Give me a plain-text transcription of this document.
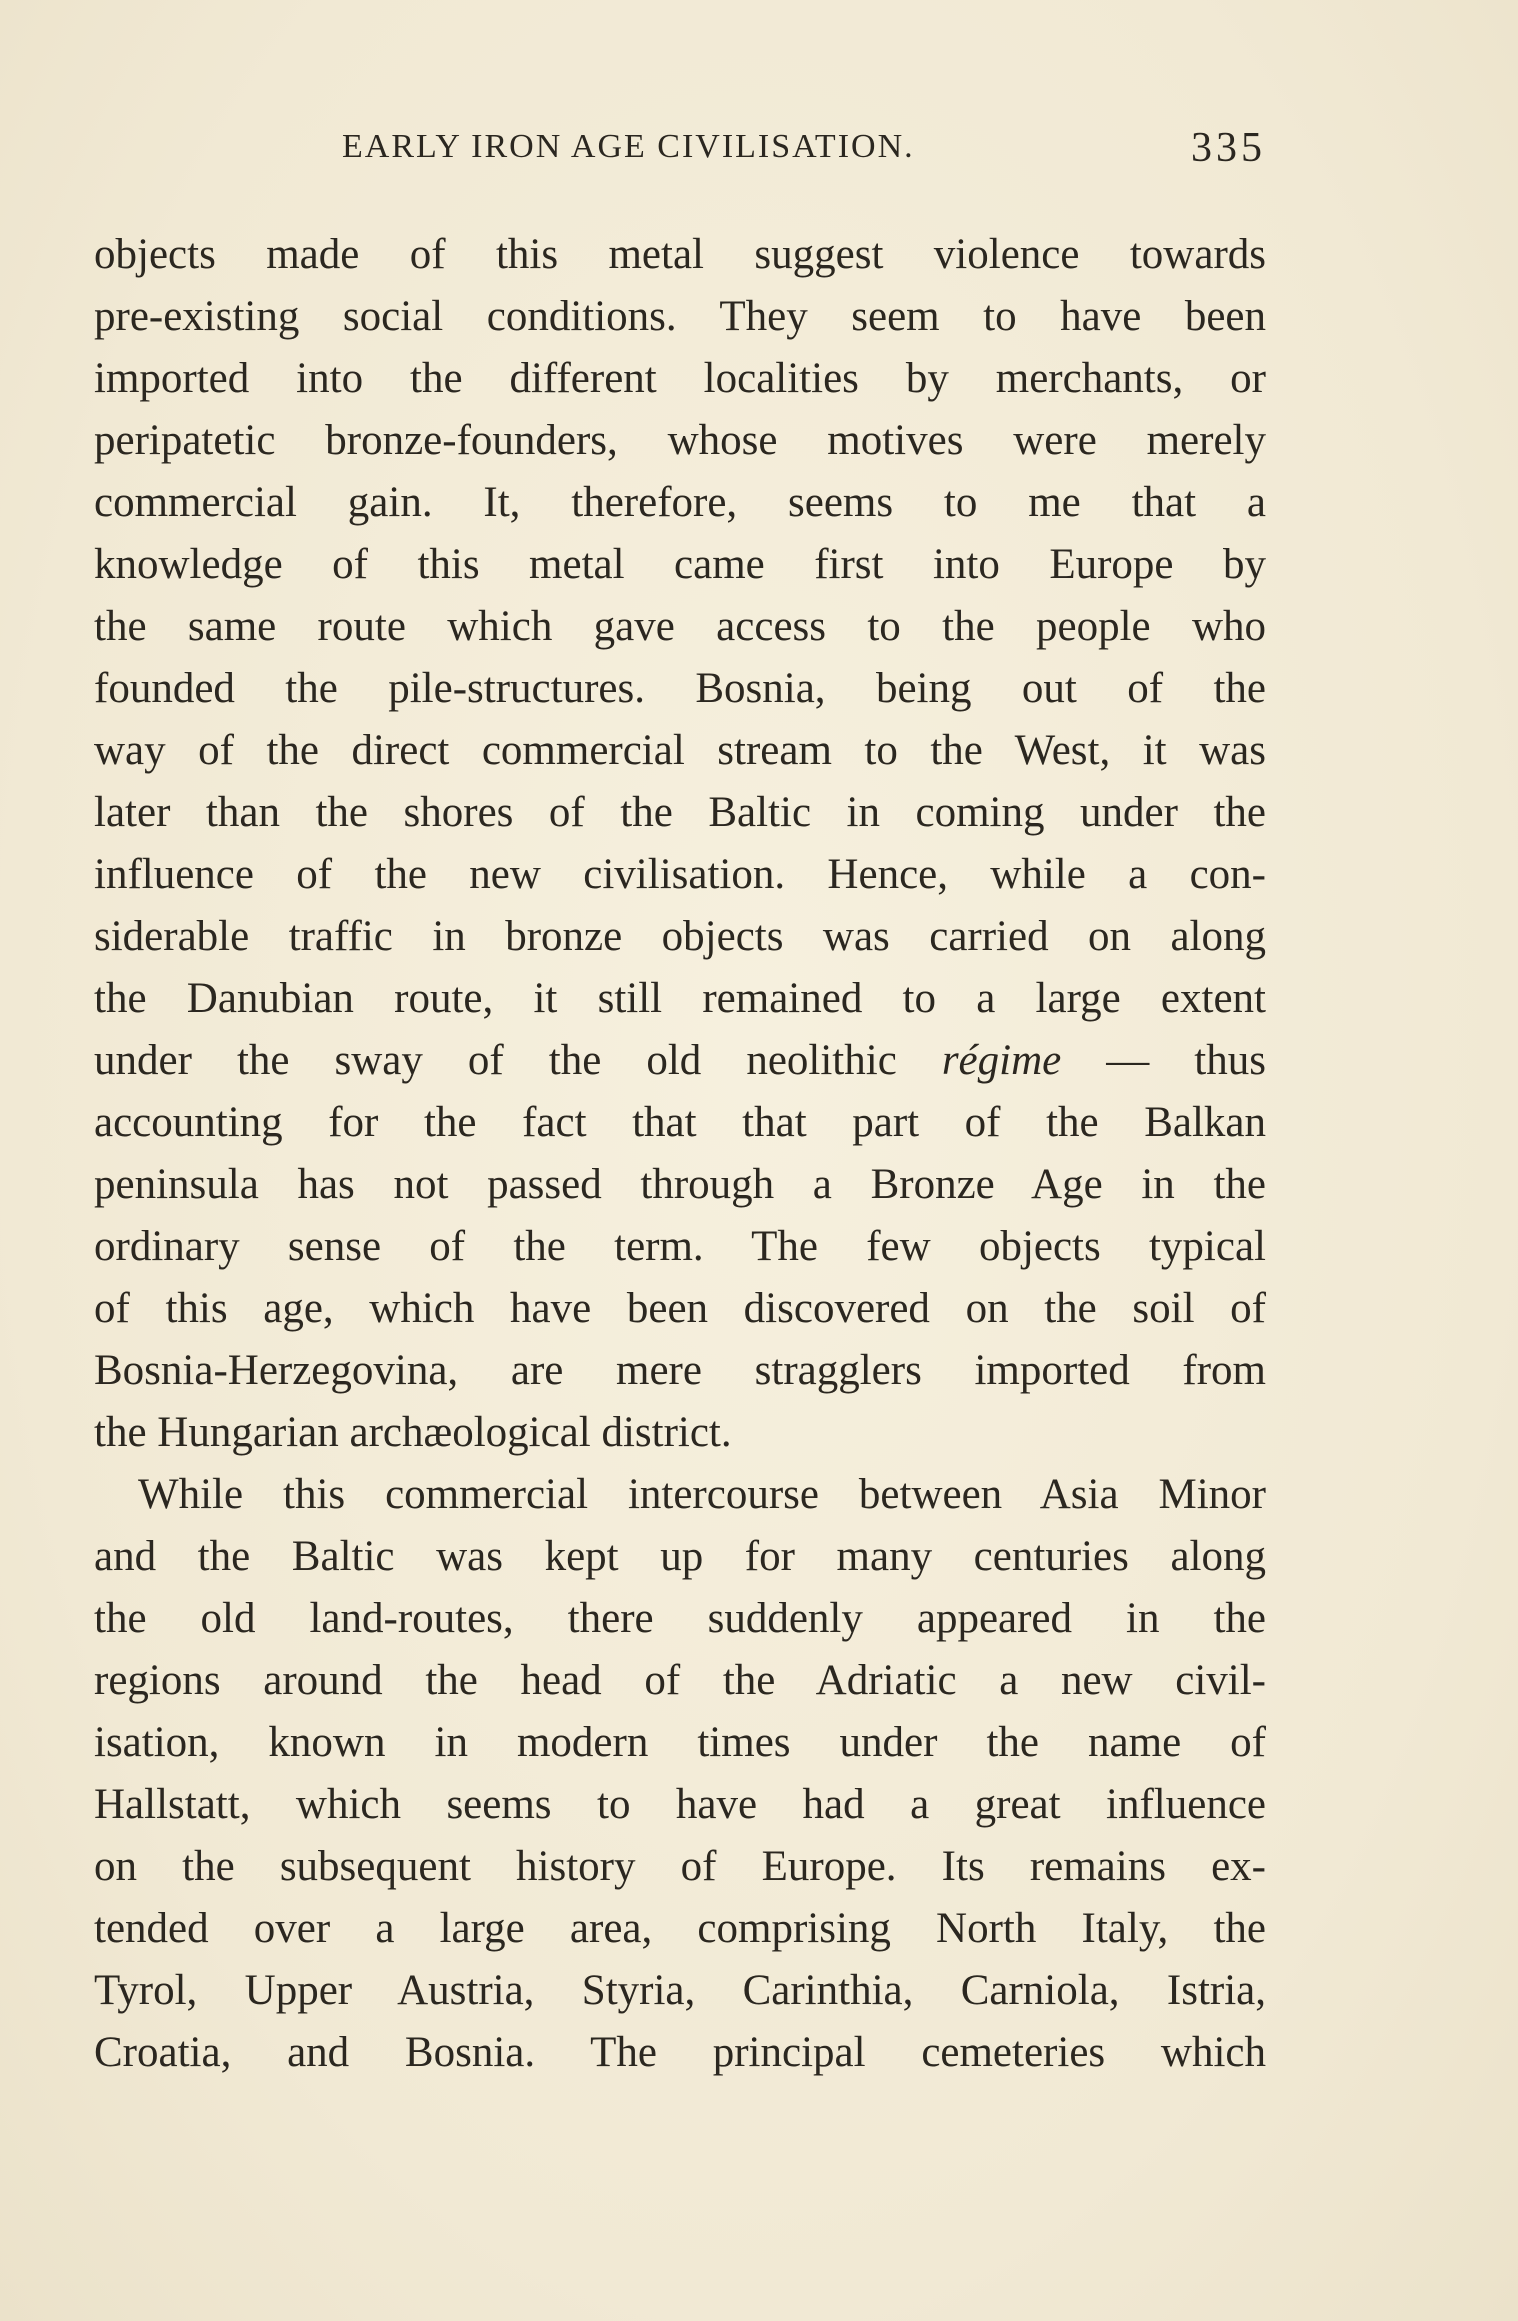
EARLY IRON AGE CIVILISATION.	335
objects made of this metal suggest violence towards
pre-existing social conditions. They seem to have been
imported into the different localities by merchants, or
peripatetic bronze-founders, whose motives were merely
commercial gain. It, therefore, seems to me that a
knowledge of this metal came first into Europe by
the same route which gave access to the people who
founded the pile-structures. Bosnia, being out of the
way of the direct commercial stream to the West, it was
later than the shores of the Baltic in coming under the
influence of the new civilisation. Hence, while a con-
siderable traffic in bronze objects was carried on along
the Danubian route, it still remained to a large extent
under the sway of the old neolithic régime — thus
accounting for the fact that that part of the Balkan
peninsula has not passed through a Bronze Age in the
ordinary sense of the term. The few objects typical
of this age, which have been discovered on the soil of
Bosnia-Herzegovina, are mere stragglers imported from
the Hungarian archæological district.
While this commercial intercourse between Asia Minor
and the Baltic was kept up for many centuries along
the old land-routes, there suddenly appeared in the
regions around the head of the Adriatic a new civil-
isation, known in modern times under the name of
Hallstatt, which seems to have had a great influence
on the subsequent history of Europe. Its remains ex-
tended over a large area, comprising North Italy, the
Tyrol, Upper Austria, Styria, Carinthia, Carniola, Istria,
Croatia, and Bosnia. The principal cemeteries which
